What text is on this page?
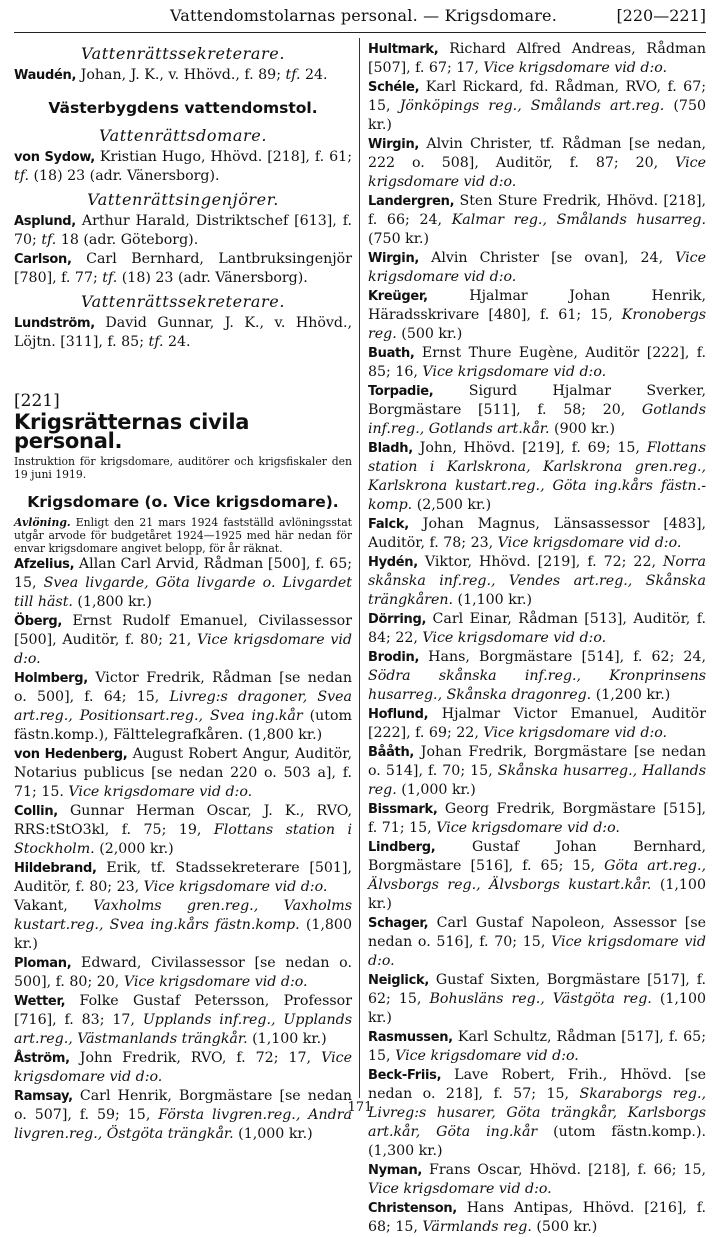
Vattendomstolarnas personal. — Krigsdomare.	[220—221]
Vattenrättssekreterare.

Waudén, Johan, J. K., v. Hhövd., f. 89; tf. 24.

Västerbygdens vattendomstol.
Vattenrättsdomare.

von Sydow, Kristian Hugo, Hhövd. [218], f. 61; tf. (18) 23 (adr. Vänersborg).

Vattenrättsingenjörer.

Asplund, Arthur Harald, Distriktschef [613], f. 70; tf. 18 (adr. Göteborg).

Carlson, Carl Bernhard, Lantbruksingenjör [780], f. 77; tf. (18) 23 (adr. Vänersborg).

Vattenrättssekreterare.

Lundström, David Gunnar, J. K., v. Hhövd., Löjtn. [311], f. 85; tf. 24.

[221]
Krigsrätternas civila personal.
Instruktion för krigsdomare, auditörer och krigsfiskaler den 19 juni 1919.
Krigsdomare (o. Vice krigsdomare).
Avlöning. Enligt den 21 mars 1924 fastställd avlöningsstat utgår arvode för budgetåret 1924—1925 med här nedan för envar krigsdomare angivet belopp, för år räknat.

Afzelius, Allan Carl Arvid, Rådman [500], f. 65; 15, Svea livgarde, Göta livgarde o. Livgardet till häst. (1,800 kr.)

Öberg, Ernst Rudolf Emanuel, Civilassessor [500], Auditör, f. 80; 21, Vice krigsdomare vid d:o.

Holmberg, Victor Fredrik, Rådman [se nedan o. 500], f. 64; 15, Livreg:s dragoner, Svea art.reg., Positionsart.reg., Svea ing.kår (utom fästn.komp.), Fälttelegrafkåren. (1,800 kr.)

von Hedenberg, August Robert Angur, Auditör, Notarius publicus [se nedan 220 o. 503 a], f. 71; 15. Vice krigsdomare vid d:o.

Collin, Gunnar Herman Oscar, J. K., RVO, RRS:tStO3kl, f. 75; 19, Flottans station i Stockholm. (2,000 kr.)

Hildebrand, Erik, tf. Stadssekreterare [501], Auditör, f. 80; 23, Vice krigsdomare vid d:o.

Vakant, Vaxholms gren.reg., Vaxholms kustart.reg., Svea ing.kårs fästn.komp. (1,800 kr.)

Ploman, Edward, Civilassessor [se nedan o. 500], f. 80; 20, Vice krigsdomare vid d:o.

Wetter, Folke Gustaf Petersson, Professor [716], f. 83; 17, Upplands inf.reg., Upplands art.reg., Västmanlands trängkår. (1,100 kr.)

Åström, John Fredrik, RVO, f. 72; 17, Vice krigsdomare vid d:o.

Ramsay, Carl Henrik, Borgmästare [se nedan o. 507], f. 59; 15, Första livgren.reg., Andra livgren.reg., Östgöta trängkår. (1,000 kr.)

Hultmark, Richard Alfred Andreas, Rådman [507], f. 67; 17, Vice krigsdomare vid d:o.

Schéle, Karl Rickard, fd. Rådman, RVO, f. 67; 15, Jönköpings reg., Smålands art.reg. (750 kr.)

Wirgin, Alvin Christer, tf. Rådman [se nedan, 222 o. 508], Auditör, f. 87; 20, Vice krigsdomare vid d:o.

Landergren, Sten Sture Fredrik, Hhövd. [218], f. 66; 24, Kalmar reg., Smålands husarreg. (750 kr.)

Wirgin, Alvin Christer [se ovan], 24, Vice krigsdomare vid d:o.

Kreüger, Hjalmar Johan Henrik, Häradsskrivare [480], f. 61; 15, Kronobergs reg. (500 kr.)

Buath, Ernst Thure Eugène, Auditör [222], f. 85; 16, Vice krigsdomare vid d:o.

Torpadie, Sigurd Hjalmar Sverker, Borgmästare [511], f. 58; 20, Gotlands inf.reg., Gotlands art.kår. (900 kr.)

Bladh, John, Hhövd. [219], f. 69; 15, Flottans station i Karlskrona, Karlskrona gren.reg., Karlskrona kustart.reg., Göta ing.kårs fästn.-komp. (2,500 kr.)

Falck, Johan Magnus, Länsassessor [483], Auditör, f. 78; 23, Vice krigsdomare vid d:o.

Hydén, Viktor, Hhövd. [219], f. 72; 22, Norra skånska inf.reg., Vendes art.reg., Skånska trängkåren. (1,100 kr.)

Dörring, Carl Einar, Rådman [513], Auditör, f. 84; 22, Vice krigsdomare vid d:o.

Brodin, Hans, Borgmästare [514], f. 62; 24, Södra skånska inf.reg., Kronprinsens husarreg., Skånska dragonreg. (1,200 kr.)

Hoflund, Hjalmar Victor Emanuel, Auditör [222], f. 69; 22, Vice krigsdomare vid d:o.

Bååth, Johan Fredrik, Borgmästare [se nedan o. 514], f. 70; 15, Skånska husarreg., Hallands reg. (1,000 kr.)

Bissmark, Georg Fredrik, Borgmästare [515], f. 71; 15, Vice krigsdomare vid d:o.

Lindberg, Gustaf Johan Bernhard, Borgmästare [516], f. 65; 15, Göta art.reg., Älvsborgs reg., Älvsborgs kustart.kår. (1,100 kr.)

Schager, Carl Gustaf Napoleon, Assessor [se nedan o. 516], f. 70; 15, Vice krigsdomare vid d:o.

Neiglick, Gustaf Sixten, Borgmästare [517], f. 62; 15, Bohusläns reg., Västgöta reg. (1,100 kr.)

Rasmussen, Karl Schultz, Rådman [517], f. 65; 15, Vice krigsdomare vid d:o.

Beck-Friis, Lave Robert, Frih., Hhövd. [se nedan o. 218], f. 57; 15, Skaraborgs reg., Livreg:s husarer, Göta trängkår, Karlsborgs art.kår, Göta ing.kår (utom fästn.komp.). (1,300 kr.)

Nyman, Frans Oscar, Hhövd. [218], f. 66; 15, Vice krigsdomare vid d:o.

Christenson, Hans Antipas, Hhövd. [216], f. 68; 15, Värmlands reg. (500 kr.)

171
